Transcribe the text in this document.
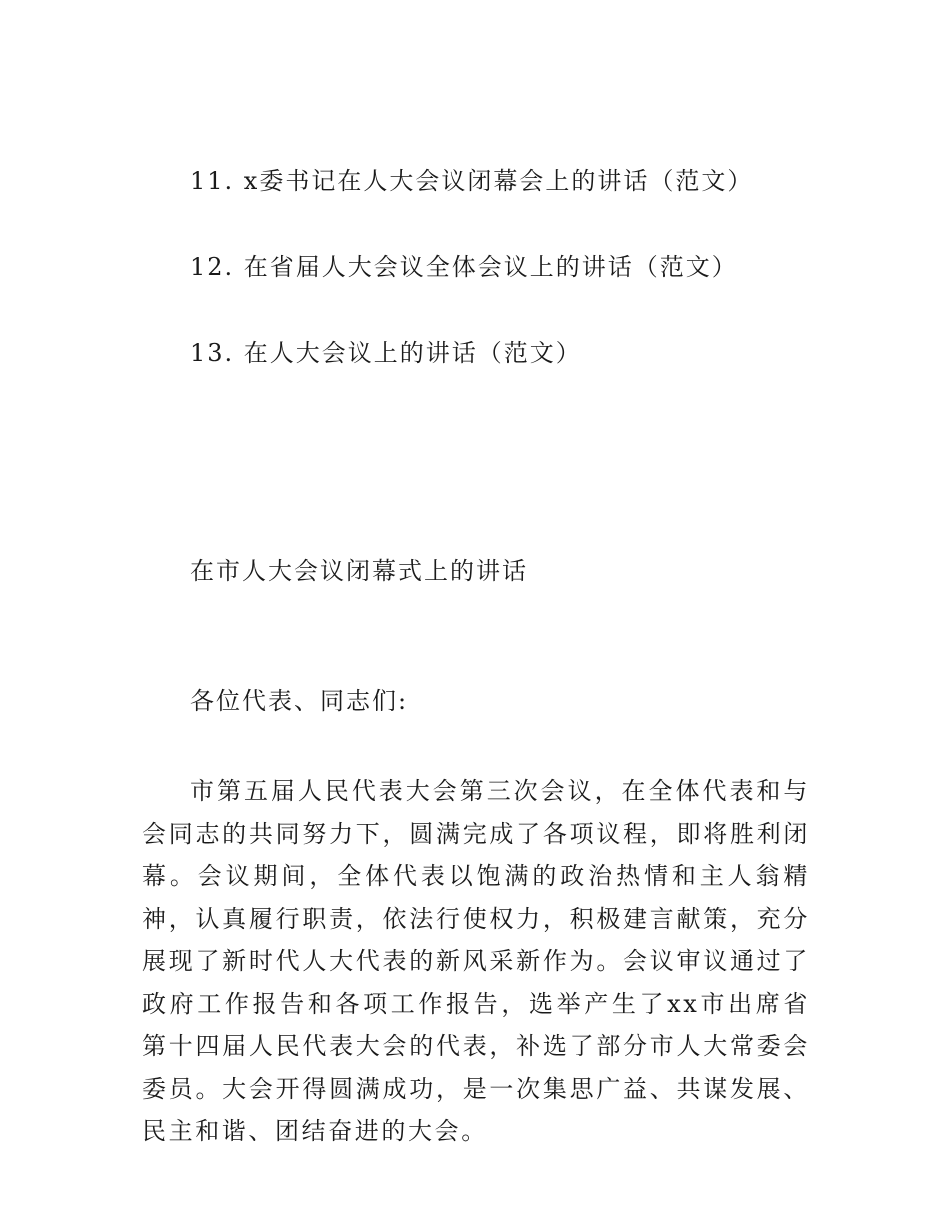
11. x委书记在人大会议闭幕会上的讲话（范文）
12. 在省届人大会议全体会议上的讲话（范文）
13. 在人大会议上的讲话（范文）
在市人大会议闭幕式上的讲话
各位代表、同志们:

市第五届人民代表大会第三次会议，在全体代表和与会同志的共同努力下，圆满完成了各项议程，即将胜利闭幕。会议期间，全体代表以饱满的政治热情和主人翁精神，认真履行职责，依法行使权力，积极建言献策，充分展现了新时代人大代表的新风采新作为。会议审议通过了政府工作报告和各项工作报告，选举产生了xx市出席省第十四届人民代表大会的代表，补选了部分市人大常委会委员。大会开得圆满成功，是一次集思广益、共谋发展、民主和谐、团结奋进的大会。
